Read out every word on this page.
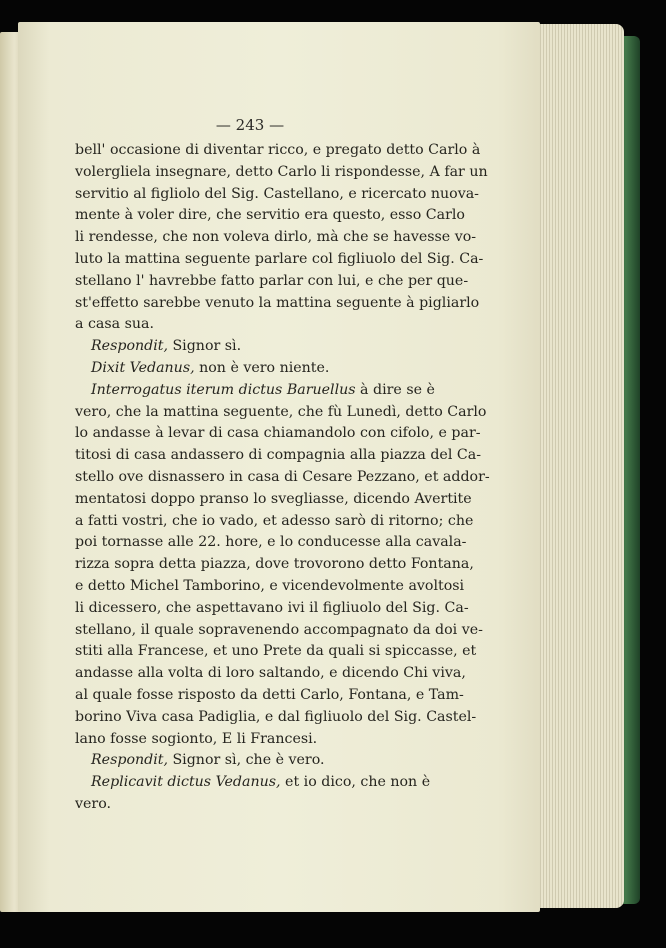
— 243 —
bell' occasione di diventar ricco, e pregato detto Carlo à
volergliela insegnare, detto Carlo li rispondesse, A far un
servitio al figliolo del Sig. Castellano, e ricercato nuova-
mente à voler dire, che servitio era questo, esso Carlo
li rendesse, che non voleva dirlo, mà che se havesse vo-
luto la mattina seguente parlare col figliuolo del Sig. Ca-
stellano l' havrebbe fatto parlar con lui, e che per que-
st'effetto sarebbe venuto la mattina seguente à pigliarlo
a casa sua.
Respondit, Signor sì.
Dixit Vedanus, non è vero niente.
Interrogatus iterum dictus Baruellus à dire se è
vero, che la mattina seguente, che fù Lunedì, detto Carlo
lo andasse à levar di casa chiamandolo con cifolo, e par-
titosi di casa andassero di compagnia alla piazza del Ca-
stello ove disnassero in casa di Cesare Pezzano, et addor-
mentatosi doppo pranso lo svegliasse, dicendo Avertite
a fatti vostri, che io vado, et adesso sarò di ritorno; che
poi tornasse alle 22. hore, e lo conducesse alla cavala-
rizza sopra detta piazza, dove trovorono detto Fontana,
e detto Michel Tamborino, e vicendevolmente avoltosi
li dicessero, che aspettavano ivi il figliuolo del Sig. Ca-
stellano, il quale sopravenendo accompagnato da doi ve-
stiti alla Francese, et uno Prete da quali si spiccasse, et
andasse alla volta di loro saltando, e dicendo Chi viva,
al quale fosse risposto da detti Carlo, Fontana, e Tam-
borino Viva casa Padiglia, e dal figliuolo del Sig. Castel-
lano fosse sogionto, E li Francesi.
Respondit, Signor sì, che è vero.
Replicavit dictus Vedanus, et io dico, che non è
vero.
